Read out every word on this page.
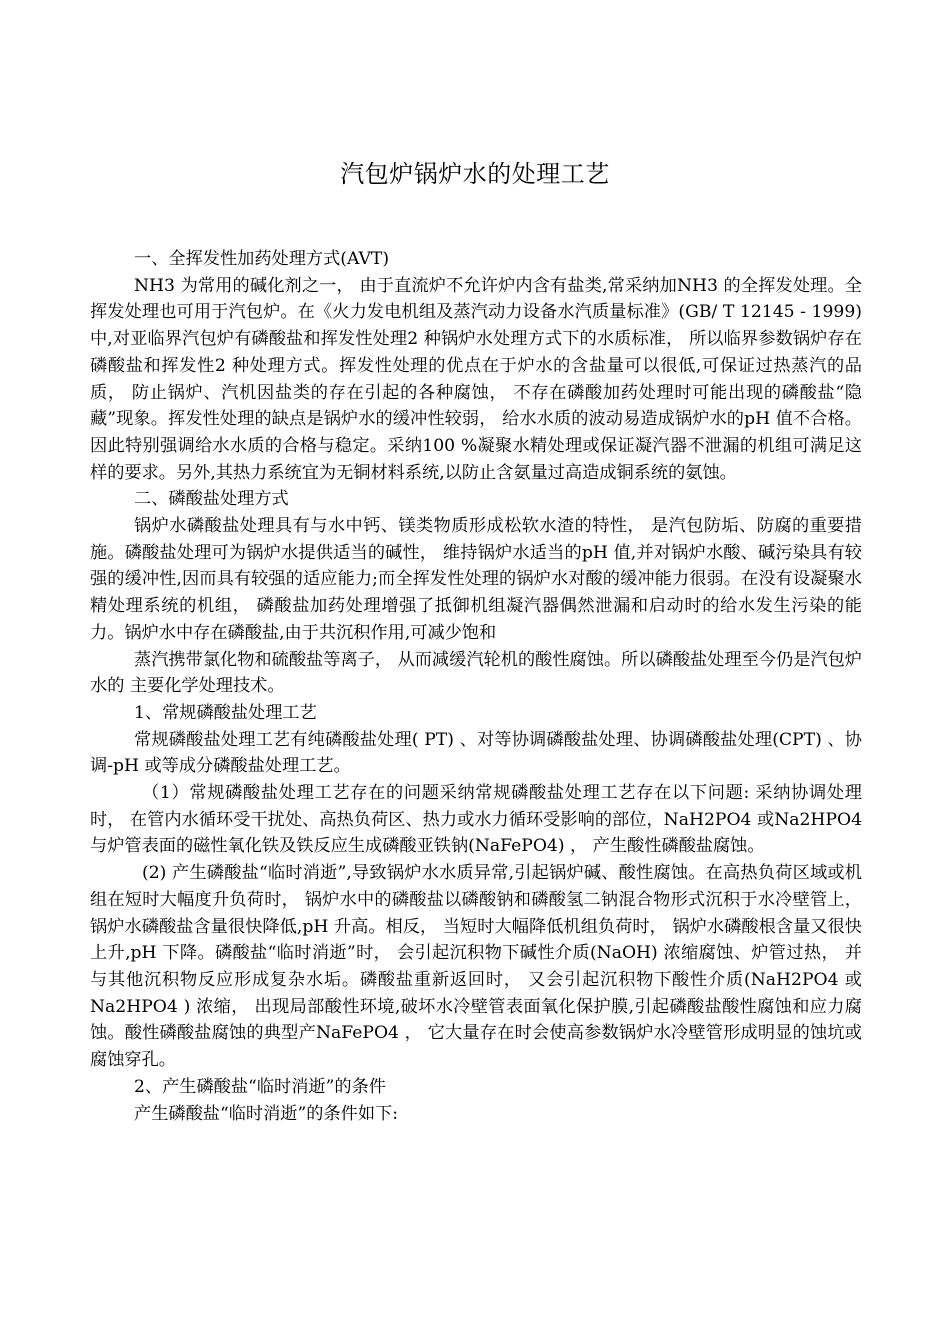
汽包炉锅炉水的处理工艺

一、全挥发性加药处理方式(AVT)

NH3 为常用的碱化剂之一， 由于直流炉不允许炉内含有盐类,常采纳加NH3 的全挥发处理。全挥发处理也可用于汽包炉。在《火力发电机组及蒸汽动力设备水汽质量标准》(GB/ T 12145 - 1999) 中,对亚临界汽包炉有磷酸盐和挥发性处理2 种锅炉水处理方式下的水质标准， 所以临界参数锅炉存在磷酸盐和挥发性2 种处理方式。挥发性处理的优点在于炉水的含盐量可以很低,可保证过热蒸汽的品质， 防止锅炉、汽机因盐类的存在引起的各种腐蚀， 不存在磷酸加药处理时可能出现的磷酸盐“隐藏”现象。挥发性处理的缺点是锅炉水的缓冲性较弱， 给水水质的波动易造成锅炉水的pH 值不合格。因此特别强调给水水质的合格与稳定。采纳100 %凝聚水精处理或保证凝汽器不泄漏的机组可满足这样的要求。另外,其热力系统宜为无铜材料系统,以防止含氨量过高造成铜系统的氨蚀。

二、磷酸盐处理方式

锅炉水磷酸盐处理具有与水中钙、镁类物质形成松软水渣的特性， 是汽包防垢、防腐的重要措施。磷酸盐处理可为锅炉水提供适当的碱性， 维持锅炉水适当的pH 值,并对锅炉水酸、碱污染具有较强的缓冲性,因而具有较强的适应能力;而全挥发性处理的锅炉水对酸的缓冲能力很弱。在没有设凝聚水精处理系统的机组， 磷酸盐加药处理增强了抵御机组凝汽器偶然泄漏和启动时的给水发生污染的能力。锅炉水中存在磷酸盐,由于共沉积作用,可减少饱和

蒸汽携带氯化物和硫酸盐等离子， 从而减缓汽轮机的酸性腐蚀。所以磷酸盐处理至今仍是汽包炉水的 主要化学处理技术。

1、常规磷酸盐处理工艺

常规磷酸盐处理工艺有纯磷酸盐处理( PT) 、对等协调磷酸盐处理、协调磷酸盐处理(CPT) 、协调-pH 或等成分磷酸盐处理工艺。

（1）常规磷酸盐处理工艺存在的问题采纳常规磷酸盐处理工艺存在以下问题: 采纳协调处理时， 在管内水循环受干扰处、高热负荷区、热力或水力循环受影响的部位，NaH2PO4 或Na2HPO4 与炉管表面的磁性氧化铁及铁反应生成磷酸亚铁钠(NaFePO4) ， 产生酸性磷酸盐腐蚀。

(2) 产生磷酸盐“临时消逝”,导致锅炉水水质异常,引起锅炉碱、酸性腐蚀。在高热负荷区域或机组在短时大幅度升负荷时， 锅炉水中的磷酸盐以磷酸钠和磷酸氢二钠混合物形式沉积于水冷壁管上， 锅炉水磷酸盐含量很快降低,pH 升高。相反， 当短时大幅降低机组负荷时， 锅炉水磷酸根含量又很快上升,pH 下降。磷酸盐“临时消逝”时， 会引起沉积物下碱性介质(NaOH) 浓缩腐蚀、炉管过热， 并与其他沉积物反应形成复杂水垢。磷酸盐重新返回时， 又会引起沉积物下酸性介质(NaH2PO4 或Na2HPO4 ) 浓缩， 出现局部酸性环境,破坏水冷壁管表面氧化保护膜,引起磷酸盐酸性腐蚀和应力腐蚀。酸性磷酸盐腐蚀的典型产NaFePO4 ， 它大量存在时会使高参数锅炉水冷壁管形成明显的蚀坑或腐蚀穿孔。

2、产生磷酸盐“临时消逝”的条件

产生磷酸盐“临时消逝”的条件如下:
